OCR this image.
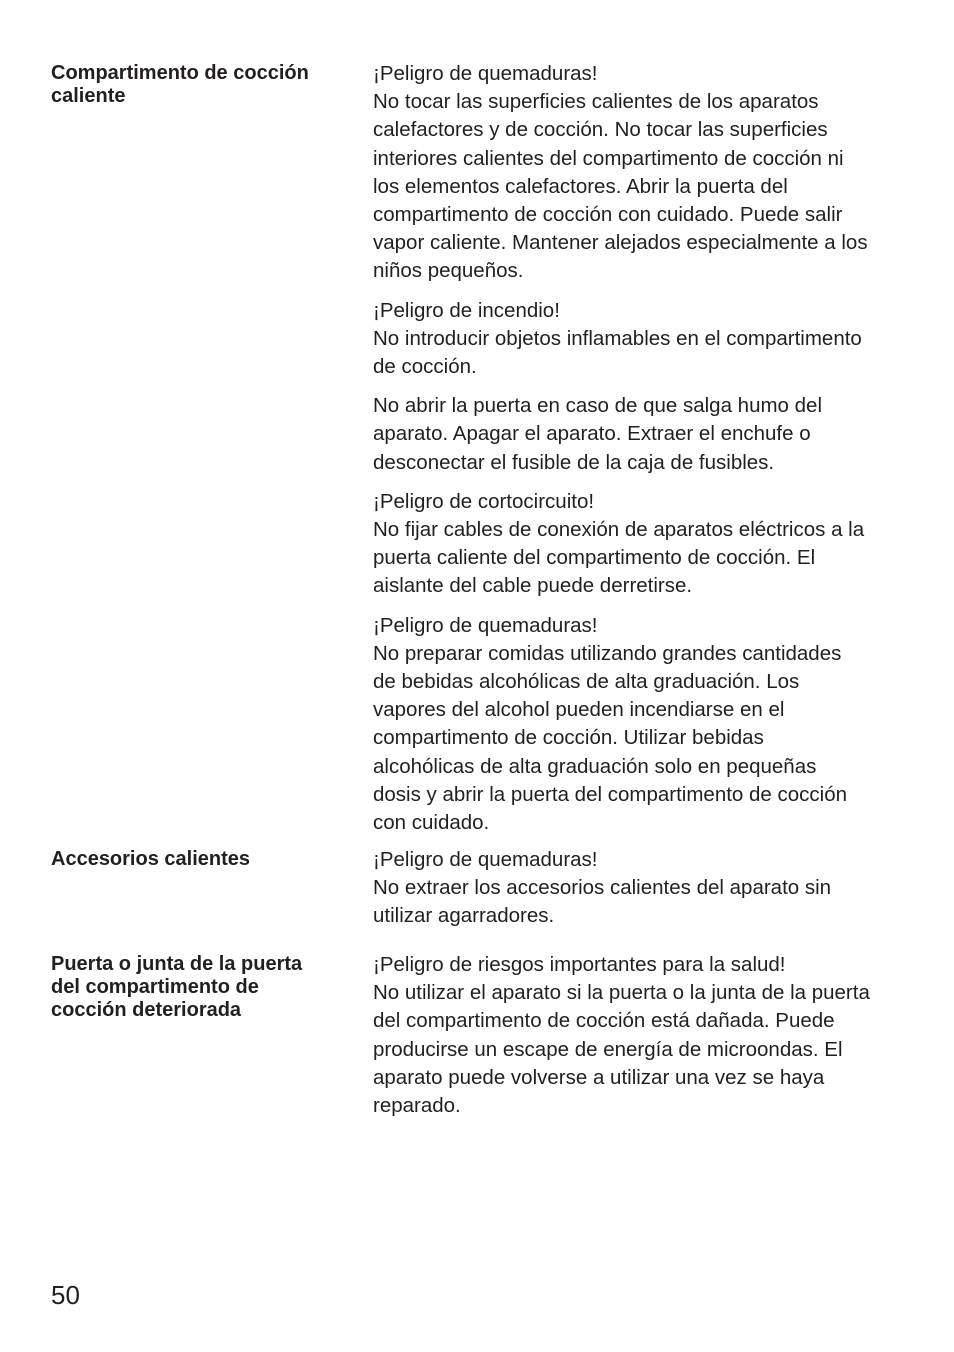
Compartimento de cocción
caliente

¡Peligro de quemaduras!
No tocar las superficies calientes de los aparatos
calefactores y de cocción. No tocar las superficies
interiores calientes del compartimento de cocción ni
los elementos calefactores. Abrir la puerta del
compartimento de cocción con cuidado. Puede salir
vapor caliente. Mantener alejados especialmente a los
niños pequeños.

¡Peligro de incendio!
No introducir objetos inflamables en el compartimento
de cocción.

No abrir la puerta en caso de que salga humo del
aparato. Apagar el aparato. Extraer el enchufe o
desconectar el fusible de la caja de fusibles.

¡Peligro de cortocircuito!
No fijar cables de conexión de aparatos eléctricos a la
puerta caliente del compartimento de cocción. El
aislante del cable puede derretirse.

¡Peligro de quemaduras!
No preparar comidas utilizando grandes cantidades
de bebidas alcohólicas de alta graduación. Los
vapores del alcohol pueden incendiarse en el
compartimento de cocción. Utilizar bebidas
alcohólicas de alta graduación solo en pequeñas
dosis y abrir la puerta del compartimento de cocción
con cuidado.

Accesorios calientes	¡Peligro de quemaduras!
No extraer los accesorios calientes del aparato sin
utilizar agarradores.

Puerta o junta de la puerta
del compartimento de
cocción deteriorada

¡Peligro de riesgos importantes para la salud!
No utilizar el aparato si la puerta o la junta de la puerta
del compartimento de cocción está dañada. Puede
producirse un escape de energía de microondas. El
aparato puede volverse a utilizar una vez se haya
reparado.

50
